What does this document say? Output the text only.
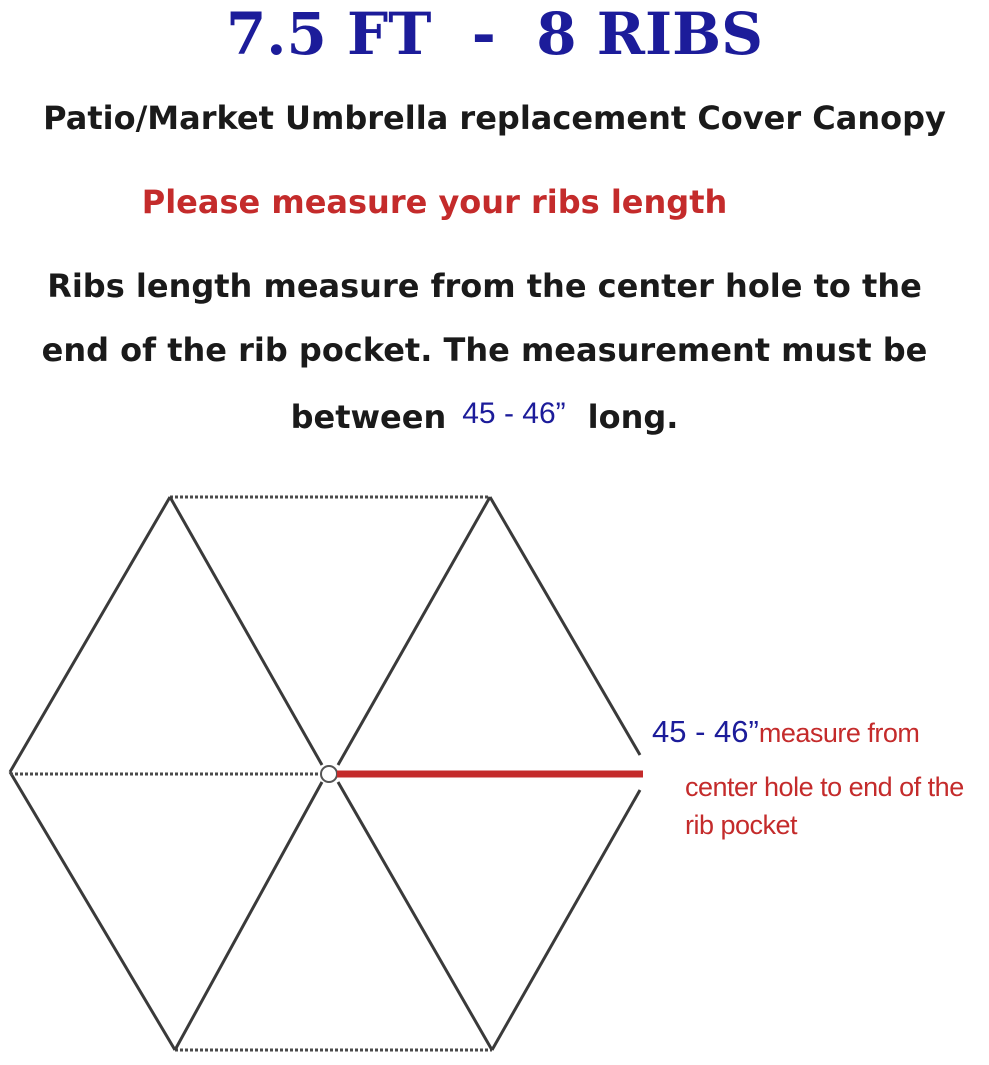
7.5 FT  -  8 RIBS
Patio/Market Umbrella replacement Cover Canopy
Please measure your ribs length
Ribs length measure from the center hole to the
end of the rib pocket. The measurement must be
between 45 - 46” long.
45 - 46”measure from
center hole to end of the
rib pocket
